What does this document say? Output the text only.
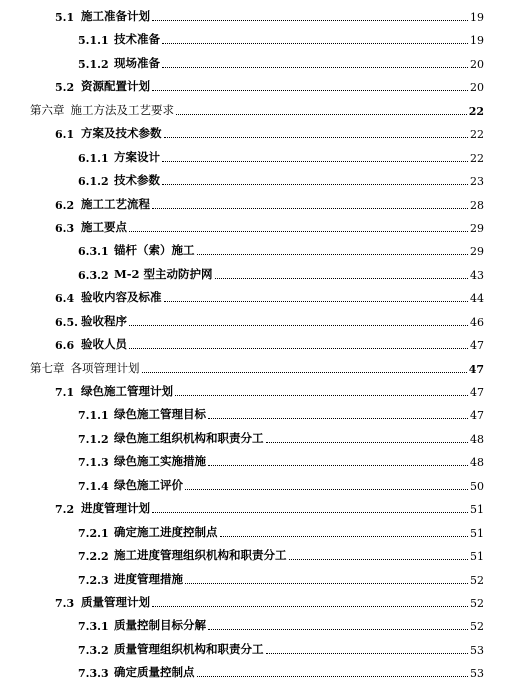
5.1 施工准备计划	19
5.1.1 技术准备	19
5.1.2 现场准备	20
5.2 资源配置计划	20
第六章 施工方法及工艺要求	22
6.1 方案及技术参数	22
6.1.1 方案设计	22
6.1.2 技术参数	23
6.2 施工工艺流程	28
6.3 施工要点	29
6.3.1 锚杆（索）施工	29
6.3.2 M-2 型主动防护网	43
6.4 验收内容及标准	44
6.5. 验收程序	46
6.6 验收人员	47
第七章 各项管理计划	47
7.1 绿色施工管理计划	47
7.1.1 绿色施工管理目标	47
7.1.2 绿色施工组织机构和职责分工	48
7.1.3 绿色施工实施措施	48
7.1.4 绿色施工评价	50
7.2 进度管理计划	51
7.2.1 确定施工进度控制点	51
7.2.2 施工进度管理组织机构和职责分工	51
7.2.3 进度管理措施	52
7.3 质量管理计划	52
7.3.1 质量控制目标分解	52
7.3.2 质量管理组织机构和职责分工	53
7.3.3 确定质量控制点	53
